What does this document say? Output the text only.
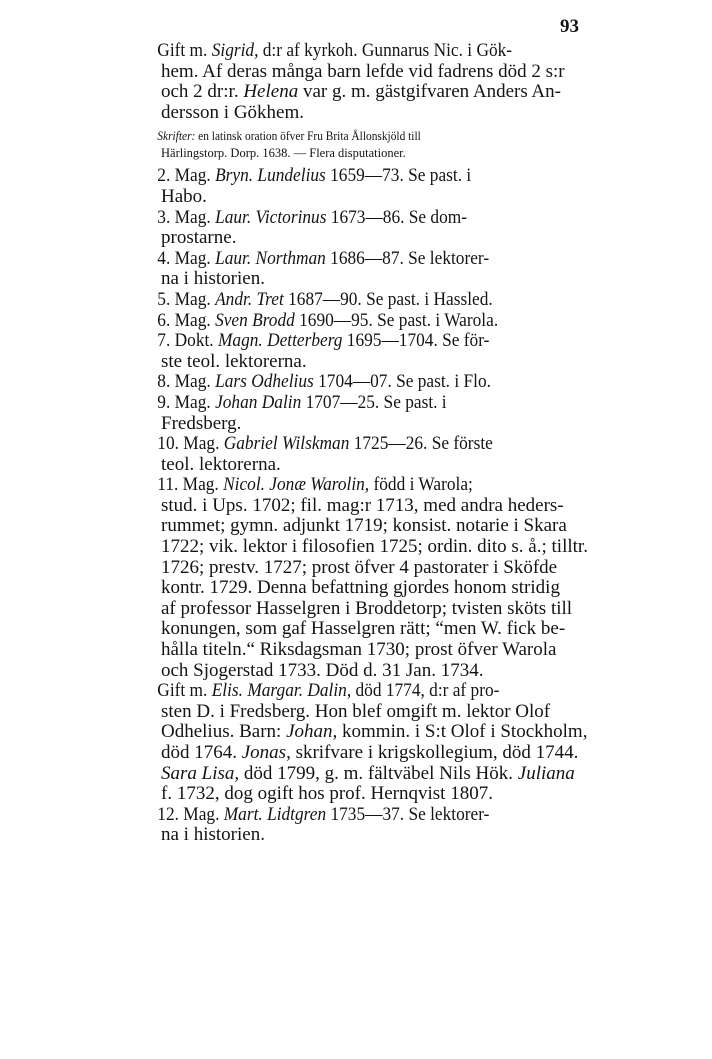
93

Gift m. Sigrid, d:r af kyrkoh. Gunnarus Nic. i Gök-
hem. Af deras många barn lefde vid fadrens död 2 s:r
och 2 dr:r. Helena var g. m. gästgifvaren Anders An-
dersson i Gökhem.

Skrifter: en latinsk oration öfver Fru Brita Ållonskjöld till
Härlingstorp. Dorp. 1638. — Flera disputationer.

2. Mag. Bryn. Lundelius 1659—73. Se past. i
Habo.

3. Mag. Laur. Victorinus 1673—86. Se dom-
prostarne.

4. Mag. Laur. Northman 1686—87. Se lektorer-
na i historien.

5. Mag. Andr. Tret 1687—90. Se past. i Hassled.

6. Mag. Sven Brodd 1690—95. Se past. i Warola.

7. Dokt. Magn. Detterberg 1695—1704. Se för-
ste teol. lektorerna.

8. Mag. Lars Odhelius 1704—07. Se past. i Flo.

9. Mag. Johan Dalin 1707—25. Se past. i
Fredsberg.

10. Mag. Gabriel Wilskman 1725—26. Se förste
teol. lektorerna.

11. Mag. Nicol. Jonæ Warolin, född i Warola;
stud. i Ups. 1702; fil. mag:r 1713, med andra heders-
rummet; gymn. adjunkt 1719; konsist. notarie i Skara
1722; vik. lektor i filosofien 1725; ordin. dito s. å.; tilltr.
1726; prestv. 1727; prost öfver 4 pastorater i Sköfde
kontr. 1729. Denna befattning gjordes honom stridig
af professor Hasselgren i Broddetorp; tvisten sköts till
konungen, som gaf Hasselgren rätt; “men W. fick be-
hålla titeln.“ Riksdagsman 1730; prost öfver Warola
och Sjogerstad 1733. Död d. 31 Jan. 1734.

Gift m. Elis. Margar. Dalin, död 1774, d:r af pro-
sten D. i Fredsberg. Hon blef omgift m. lektor Olof
Odhelius. Barn: Johan, kommin. i S:t Olof i Stockholm,
död 1764. Jonas, skrifvare i krigskollegium, död 1744.
Sara Lisa, död 1799, g. m. fältväbel Nils Hök. Juliana
f. 1732, dog ogift hos prof. Hernqvist 1807.

12. Mag. Mart. Lidtgren 1735—37. Se lektorer-
na i historien.
